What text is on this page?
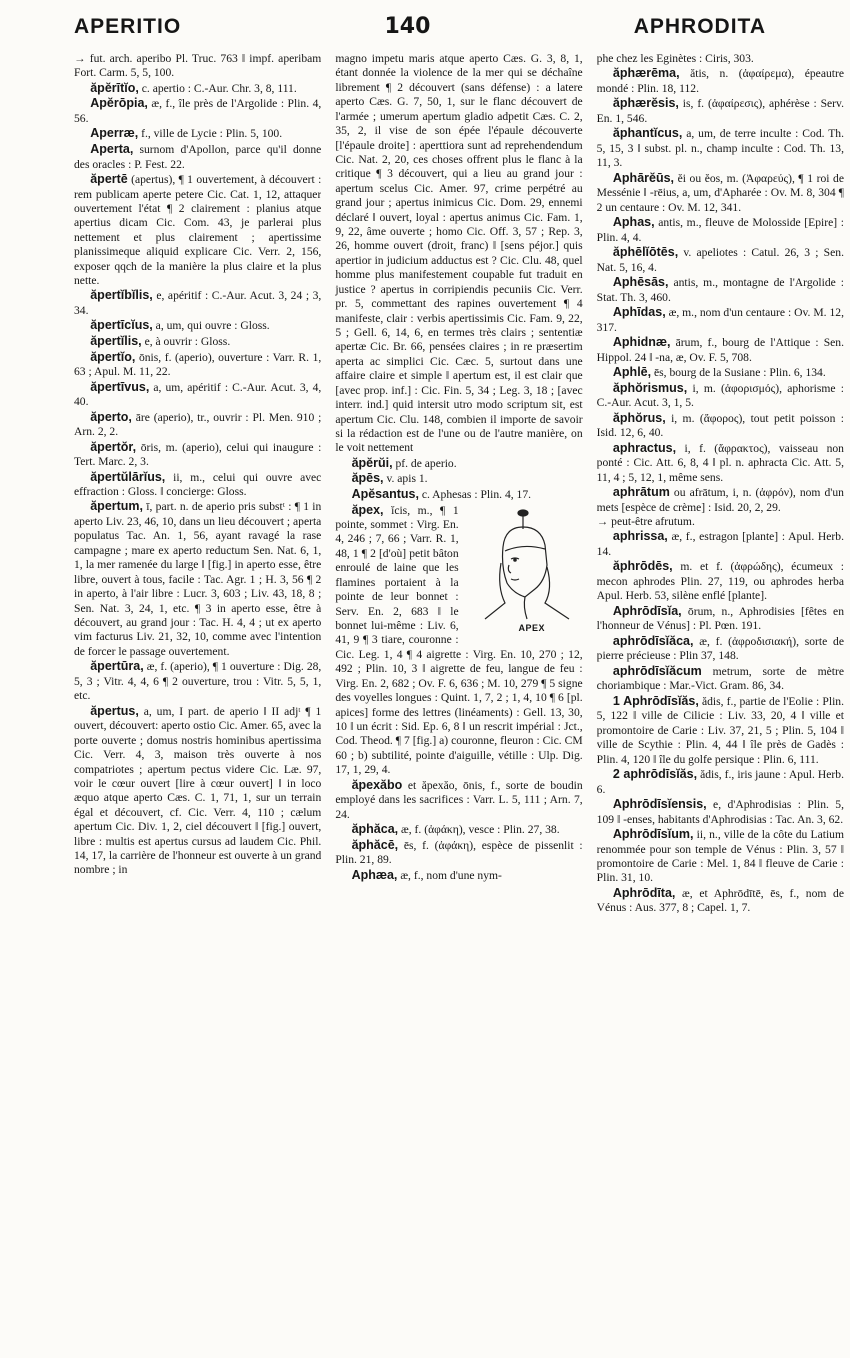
APERITIO	140	APHRODITA

→ fut. arch. aperibo Pl. Truc. 763 ‖ impf. aperibam Fort. Carm. 5, 5, 100.

ăpĕrītĭo, c. apertio : C.-Aur. Chr. 3, 8, 111.

Apĕrōpia, æ, f., île près de l'Argolide : Plin. 4, 56.

Aperræ, f., ville de Lycie : Plin. 5, 100.

Aperta, surnom d'Apollon, parce qu'il donne des oracles : P. Fest. 22.

ăpertē (apertus), ¶ 1 ouvertement, à découvert : rem publicam aperte petere Cic. Cat. 1, 12, attaquer ouvertement l'état ¶ 2 clairement : planius atque apertius dicam Cic. Com. 43, je parlerai plus nettement et plus clairement ; apertissime planissimeque aliquid explicare Cic. Verr. 2, 156, exposer qqch de la manière la plus claire et la plus nette.

ăpertĭbĭlis, e, apéritif : C.-Aur. Acut. 3, 24 ; 3, 34.

ăpertīcĭus, a, um, qui ouvre : Gloss.

ăpertĭlis, e, à ouvrir : Gloss.

ăpertĭo, ōnis, f. (aperio), ouverture : Varr. R. 1, 63 ; Apul. M. 11, 22.

ăpertīvus, a, um, apéritif : C.-Aur. Acut. 3, 4, 40.

ăperto, āre (aperio), tr., ouvrir : Pl. Men. 910 ; Arn. 2, 2.

ăpertŏr, ōris, m. (aperio), celui qui inaugure : Tert. Marc. 2, 3.

ăpertŭlārĭus, ii, m., celui qui ouvre avec effraction : Gloss. ‖ concierge: Gloss.

ăpertum, ī, part. n. de aperio pris substᵗ : ¶ 1 in aperto Liv. 23, 46, 10, dans un lieu découvert ; aperta populatus Tac. An. 1, 56, ayant ravagé la rase campagne ; mare ex aperto reductum Sen. Nat. 6, 1, 1, la mer ramenée du large ‖ [fig.] in aperto esse, être libre, ouvert à tous, facile : Tac. Agr. 1 ; H. 3, 56 ¶ 2 in aperto, à l'air libre : Lucr. 3, 603 ; Liv. 43, 18, 8 ; Sen. Nat. 3, 24, 1, etc. ¶ 3 in aperto esse, être à découvert, au grand jour : Tac. H. 4, 4 ; ut ex aperto vim facturus Liv. 21, 32, 10, comme avec l'intention de forcer le passage ouvertement.

ăpertūra, æ, f. (aperio), ¶ 1 ouverture : Dig. 28, 5, 3 ; Vitr. 4, 4, 6 ¶ 2 ouverture, trou : Vitr. 5, 5, 1, etc.

ăpertus, a, um, I part. de aperio ‖ II adjᵗ ¶ 1 ouvert, découvert: aperto ostio Cic. Amer. 65, avec la porte ouverte ; domus nostris hominibus apertissima Cic. Verr. 4, 3, maison très ouverte à nos compatriotes ; apertum pectus videre Cic. Læ. 97, voir le cœur ouvert [lire à cœur ouvert] ‖ in loco æquo atque aperto Cæs. C. 1, 71, 1, sur un terrain égal et découvert, cf. Cic. Verr. 4, 110 ; cælum apertum Cic. Div. 1, 2, ciel découvert ‖ [fig.] ouvert, libre : multis est apertus cursus ad laudem Cic. Phil. 14, 17, la carrière de l'honneur est ouverte à un grand nombre ; in

magno impetu maris atque aperto Cæs. G. 3, 8, 1, étant donnée la violence de la mer qui se déchaîne librement ¶ 2 découvert (sans défense) : a latere aperto Cæs. G. 7, 50, 1, sur le flanc découvert de l'armée ; umerum apertum gladio adpetit Cæs. C. 2, 35, 2, il vise de son épée l'épaule découverte [l'épaule droite] : aperttiora sunt ad reprehendendum Cic. Nat. 2, 20, ces choses offrent plus le flanc à la critique ¶ 3 découvert, qui a lieu au grand jour : apertum scelus Cic. Amer. 97, crime perpétré au grand jour ; apertus inimicus Cic. Dom. 29, ennemi déclaré ‖ ouvert, loyal : apertus animus Cic. Fam. 1, 9, 22, âme ouverte ; homo Cic. Off. 3, 57 ; Rep. 3, 26, homme ouvert (droit, franc) ‖ [sens péjor.] quis apertior in judicium adductus est ? Cic. Clu. 48, quel homme plus manifestement coupable fut traduit en justice ? apertus in corripiendis pecuniis Cic. Verr. pr. 5, commettant des rapines ouvertement ¶ 4 manifeste, clair : verbis apertissimis Cic. Fam. 9, 22, 5 ; Gell. 6, 14, 6, en termes très clairs ; sententiæ apertæ Cic. Br. 66, pensées claires ; in re præsertim aperta ac simplici Cic. Cæc. 5, surtout dans une affaire claire et simple ‖ apertum est, il est clair que [avec prop. inf.] : Cic. Fin. 5, 34 ; Leg. 3, 18 ; [avec interr. ind.] quid intersit utro modo scriptum sit, est apertum Cic. Clu. 148, combien il importe de savoir si la rédaction est de l'une ou de l'autre manière, on le voit nettement

ăpĕrŭi, pf. de aperio.

ăpēs, v. apis 1.

Apĕsantus, c. Aphesas : Plin. 4, 17.

APEX
ăpex, ĭcis, m., ¶ 1 pointe, sommet : Virg. En. 4, 246 ; 7, 66 ; Varr. R. 1, 48, 1 ¶ 2 [d'où] petit bâton enroulé de laine que les flamines portaient à la pointe de leur bonnet : Serv. En. 2, 683 ‖ le bonnet lui-même : Liv. 6, 41, 9 ¶ 3 tiare, couronne : Cic. Leg. 1, 4 ¶ 4 aigrette : Virg. En. 10, 270 ; 12, 492 ; Plin. 10, 3 ‖ aigrette de feu, langue de feu : Virg. En. 2, 682 ; Ov. F. 6, 636 ; M. 10, 279 ¶ 5 signe des voyelles longues : Quint. 1, 7, 2 ; 1, 4, 10 ¶ 6 [pl. apices] forme des lettres (linéaments) : Gell. 13, 30, 10 ‖ un écrit : Sid. Ep. 6, 8 ‖ un rescrit impérial : Jct., Cod. Theod. ¶ 7 [fig.] a) couronne, fleuron : Cic. CM 60 ; b) subtilité, pointe d'aiguille, vétille : Ulp. Dig. 17, 1, 29, 4.

ăpexăbo et ăpexăo, ōnis, f., sorte de boudin employé dans les sacrifices : Varr. L. 5, 111 ; Arn. 7, 24.

ăphăca, æ, f. (ἀφάκη), vesce : Plin. 27, 38.

ăphăcē, ēs, f. (ἀφάκη), espèce de pissenlit : Plin. 21, 89.

Aphæa, æ, f., nom d'une nym-

phe chez les Eginètes : Ciris, 303.

ăphærēma, ătis, n. (ἀφαίρεμα), épeautre mondé : Plin. 18, 112.

ăphærĕsis, is, f. (ἀφαίρεσις), aphérèse : Serv. En. 1, 546.

ăphantĭcus, a, um, de terre inculte : Cod. Th. 5, 15, 3 ‖ subst. pl. n., champ inculte : Cod. Th. 13, 11, 3.

Aphārĕūs, ĕi ou ĕos, m. (Ἀφαρεύς), ¶ 1 roi de Messénie ‖ -rēius, a, um, d'Apharée : Ov. M. 8, 304 ¶ 2 un centaure : Ov. M. 12, 341.

Aphas, antis, m., fleuve de Molosside [Epire] : Plin. 4, 4.

ăphēlĭōtēs, v. apeliotes : Catul. 26, 3 ; Sen. Nat. 5, 16, 4.

Aphēsās, antis, m., montagne de l'Argolide : Stat. Th. 3, 460.

Aphīdas, æ, m., nom d'un centaure : Ov. M. 12, 317.

Aphidnæ, ārum, f., bourg de l'Attique : Sen. Hippol. 24 ‖ -na, æ, Ov. F. 5, 708.

Aphlē, ēs, bourg de la Susiane : Plin. 6, 134.

ăphŏrismus, i, m. (ἀφορισμός), aphorisme : C.-Aur. Acut. 3, 1, 5.

ăphŏrus, i, m. (ἄφορος), tout petit poisson : Isid. 12, 6, 40.

aphractus, i, f. (ἄφρακτος), vaisseau non ponté : Cic. Att. 6, 8, 4 ‖ pl. n. aphracta Cic. Att. 5, 11, 4 ; 5, 12, 1, même sens.

aphrātum ou afrātum, i, n. (ἀφρόν), nom d'un mets [espèce de crème] : Isid. 20, 2, 29.

→ peut-être afrutum.

aphrissa, æ, f., estragon [plante] : Apul. Herb. 14.

ăphrōdēs, m. et f. (ἀφρώδης), écumeux : mecon aphrodes Plin. 27, 119, ou aphrodes herba Apul. Herb. 53, silène enflé [plante].

Aphrōdīsĭa, ōrum, n., Aphrodisies [fêtes en l'honneur de Vénus] : Pl. Pœn. 191.

aphrōdīsĭăca, æ, f. (ἀφροδισιακή), sorte de pierre précieuse : Plin 37, 148.

aphrōdīsĭăcum metrum, sorte de mètre choriambique : Mar.-Vict. Gram. 86, 34.

1 Aphrōdīsĭăs, ădis, f., partie de l'Eolie : Plin. 5, 122 ‖ ville de Cilicie : Liv. 33, 20, 4 ‖ ville et promontoire de Carie : Liv. 37, 21, 5 ; Plin. 5, 104 ‖ ville de Scythie : Plin. 4, 44 ‖ île près de Gadès : Plin. 4, 120 ‖ île du golfe persique : Plin. 6, 111.

2 aphrōdīsĭăs, ădis, f., iris jaune : Apul. Herb. 6.

Aphrōdīsĭensis, e, d'Aphrodisias : Plin. 5, 109 ‖ -enses, habitants d'Aphrodisias : Tac. An. 3, 62.

Aphrōdīsĭum, ii, n., ville de la côte du Latium renommée pour son temple de Vénus : Plin. 3, 57 ‖ promontoire de Carie : Mel. 1, 84 ‖ fleuve de Carie : Plin. 31, 10.

Aphrōdīta, æ, et Aphrōdītē, ēs, f., nom de Vénus : Aus. 377, 8 ; Capel. 1, 7.
